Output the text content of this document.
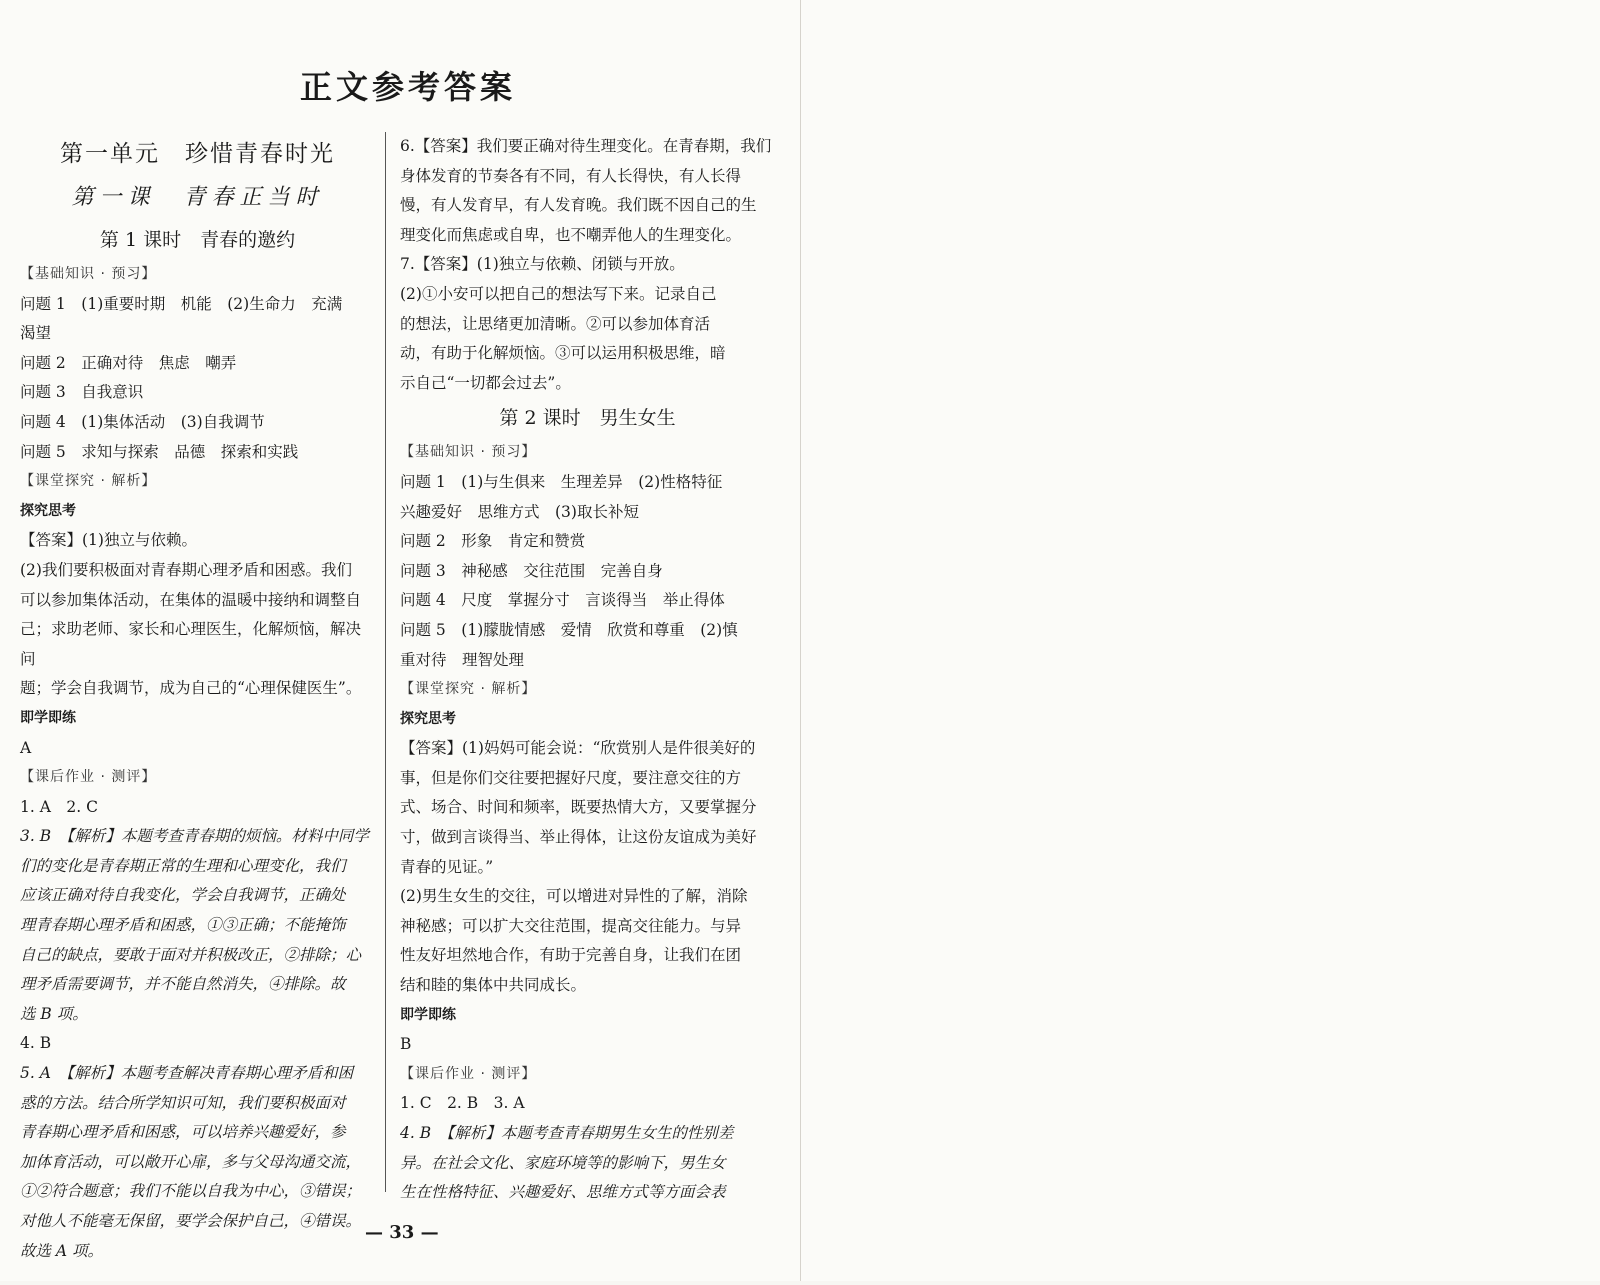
正文参考答案
第一单元　珍惜青春时光
第一课　青春正当时
第 1 课时　青春的邀约
【基础知识 · 预习】
问题 1　(1)重要时期　机能　(2)生命力　充满
渴望
问题 2　正确对待　焦虑　嘲弄
问题 3　自我意识
问题 4　(1)集体活动　(3)自我调节
问题 5　求知与探索　品德　探索和实践
【课堂探究 · 解析】
探究思考
【答案】(1)独立与依赖。
(2)我们要积极面对青春期心理矛盾和困惑。我们
可以参加集体活动，在集体的温暖中接纳和调整自
己；求助老师、家长和心理医生，化解烦恼，解决问
题；学会自我调节，成为自己的“心理保健医生”。
即学即练
A
【课后作业 · 测评】
1. A　2. C
3. B　【解析】本题考查青春期的烦恼。材料中同学
们的变化是青春期正常的生理和心理变化，我们
应该正确对待自我变化，学会自我调节，正确处
理青春期心理矛盾和困惑，①③正确；不能掩饰
自己的缺点，要敢于面对并积极改正，②排除；心
理矛盾需要调节，并不能自然消失，④排除。故
选 B 项。
4. B
5. A　【解析】本题考查解决青春期心理矛盾和困
惑的方法。结合所学知识可知，我们要积极面对
青春期心理矛盾和困惑，可以培养兴趣爱好，参
加体育活动，可以敞开心扉，多与父母沟通交流，
①②符合题意；我们不能以自我为中心，③错误；
对他人不能毫无保留，要学会保护自己，④错误。
故选 A 项。
6.【答案】我们要正确对待生理变化。在青春期，我们
身体发育的节奏各有不同，有人长得快，有人长得
慢，有人发育早，有人发育晚。我们既不因自己的生
理变化而焦虑或自卑，也不嘲弄他人的生理变化。
7.【答案】(1)独立与依赖、闭锁与开放。
(2)①小安可以把自己的想法写下来。记录自己
的想法，让思绪更加清晰。②可以参加体育活
动，有助于化解烦恼。③可以运用积极思维，暗
示自己“一切都会过去”。
第 2 课时　男生女生
【基础知识 · 预习】
问题 1　(1)与生俱来　生理差异　(2)性格特征
兴趣爱好　思维方式　(3)取长补短
问题 2　形象　肯定和赞赏
问题 3　神秘感　交往范围　完善自身
问题 4　尺度　掌握分寸　言谈得当　举止得体
问题 5　(1)朦胧情感　爱情　欣赏和尊重　(2)慎
重对待　理智处理
【课堂探究 · 解析】
探究思考
【答案】(1)妈妈可能会说：“欣赏别人是件很美好的
事，但是你们交往要把握好尺度，要注意交往的方
式、场合、时间和频率，既要热情大方，又要掌握分
寸，做到言谈得当、举止得体，让这份友谊成为美好
青春的见证。”
(2)男生女生的交往，可以增进对异性的了解，消除
神秘感；可以扩大交往范围，提高交往能力。与异
性友好坦然地合作，有助于完善自身，让我们在团
结和睦的集体中共同成长。
即学即练
B
【课后作业 · 测评】
1. C　2. B　3. A
4. B　【解析】本题考查青春期男生女生的性别差
异。在社会文化、家庭环境等的影响下，男生女
生在性格特征、兴趣爱好、思维方式等方面会表
— 33 —
